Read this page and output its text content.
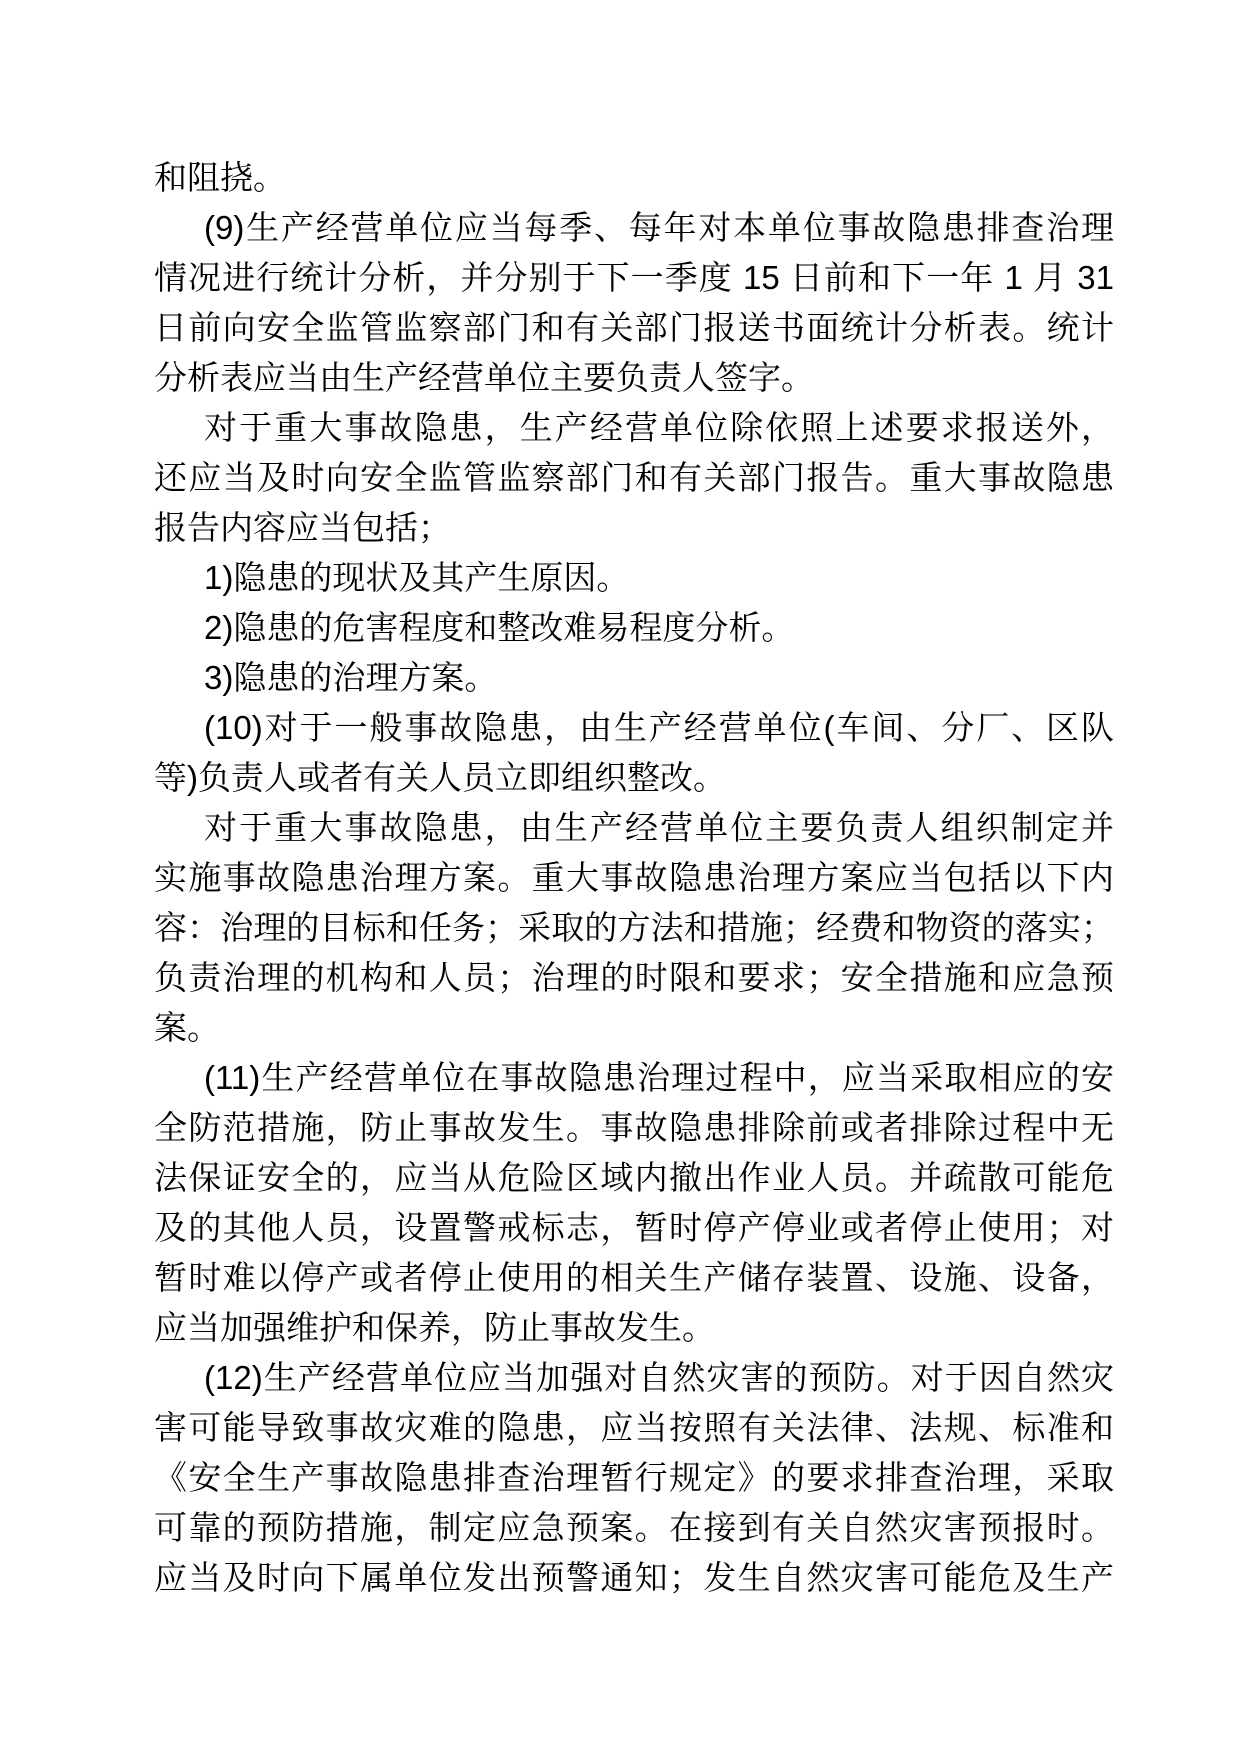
和阻挠。
(9)生产经营单位应当每季、每年对本单位事故隐患排查治理
情况进行统计分析，并分别于下一季度 15 日前和下一年 1 月 31
日前向安全监管监察部门和有关部门报送书面统计分析表。统计
分析表应当由生产经营单位主要负责人签字。
对于重大事故隐患，生产经营单位除依照上述要求报送外，
还应当及时向安全监管监察部门和有关部门报告。重大事故隐患
报告内容应当包括；
1)隐患的现状及其产生原因。
2)隐患的危害程度和整改难易程度分析。
3)隐患的治理方案。
(10)对于一般事故隐患，由生产经营单位(车间、分厂、区队
等)负责人或者有关人员立即组织整改。
对于重大事故隐患，由生产经营单位主要负责人组织制定并
实施事故隐患治理方案。重大事故隐患治理方案应当包括以下内
容：治理的目标和任务；采取的方法和措施；经费和物资的落实；
负责治理的机构和人员；治理的时限和要求；安全措施和应急预
案。
(11)生产经营单位在事故隐患治理过程中，应当采取相应的安
全防范措施，防止事故发生。事故隐患排除前或者排除过程中无
法保证安全的，应当从危险区域内撤出作业人员。并疏散可能危
及的其他人员，设置警戒标志，暂时停产停业或者停止使用；对
暂时难以停产或者停止使用的相关生产储存装置、设施、设备，
应当加强维护和保养，防止事故发生。
(12)生产经营单位应当加强对自然灾害的预防。对于因自然灾
害可能导致事故灾难的隐患，应当按照有关法律、法规、标准和
《安全生产事故隐患排查治理暂行规定》的要求排查治理，采取
可靠的预防措施，制定应急预案。在接到有关自然灾害预报时。
应当及时向下属单位发出预警通知；发生自然灾害可能危及生产
